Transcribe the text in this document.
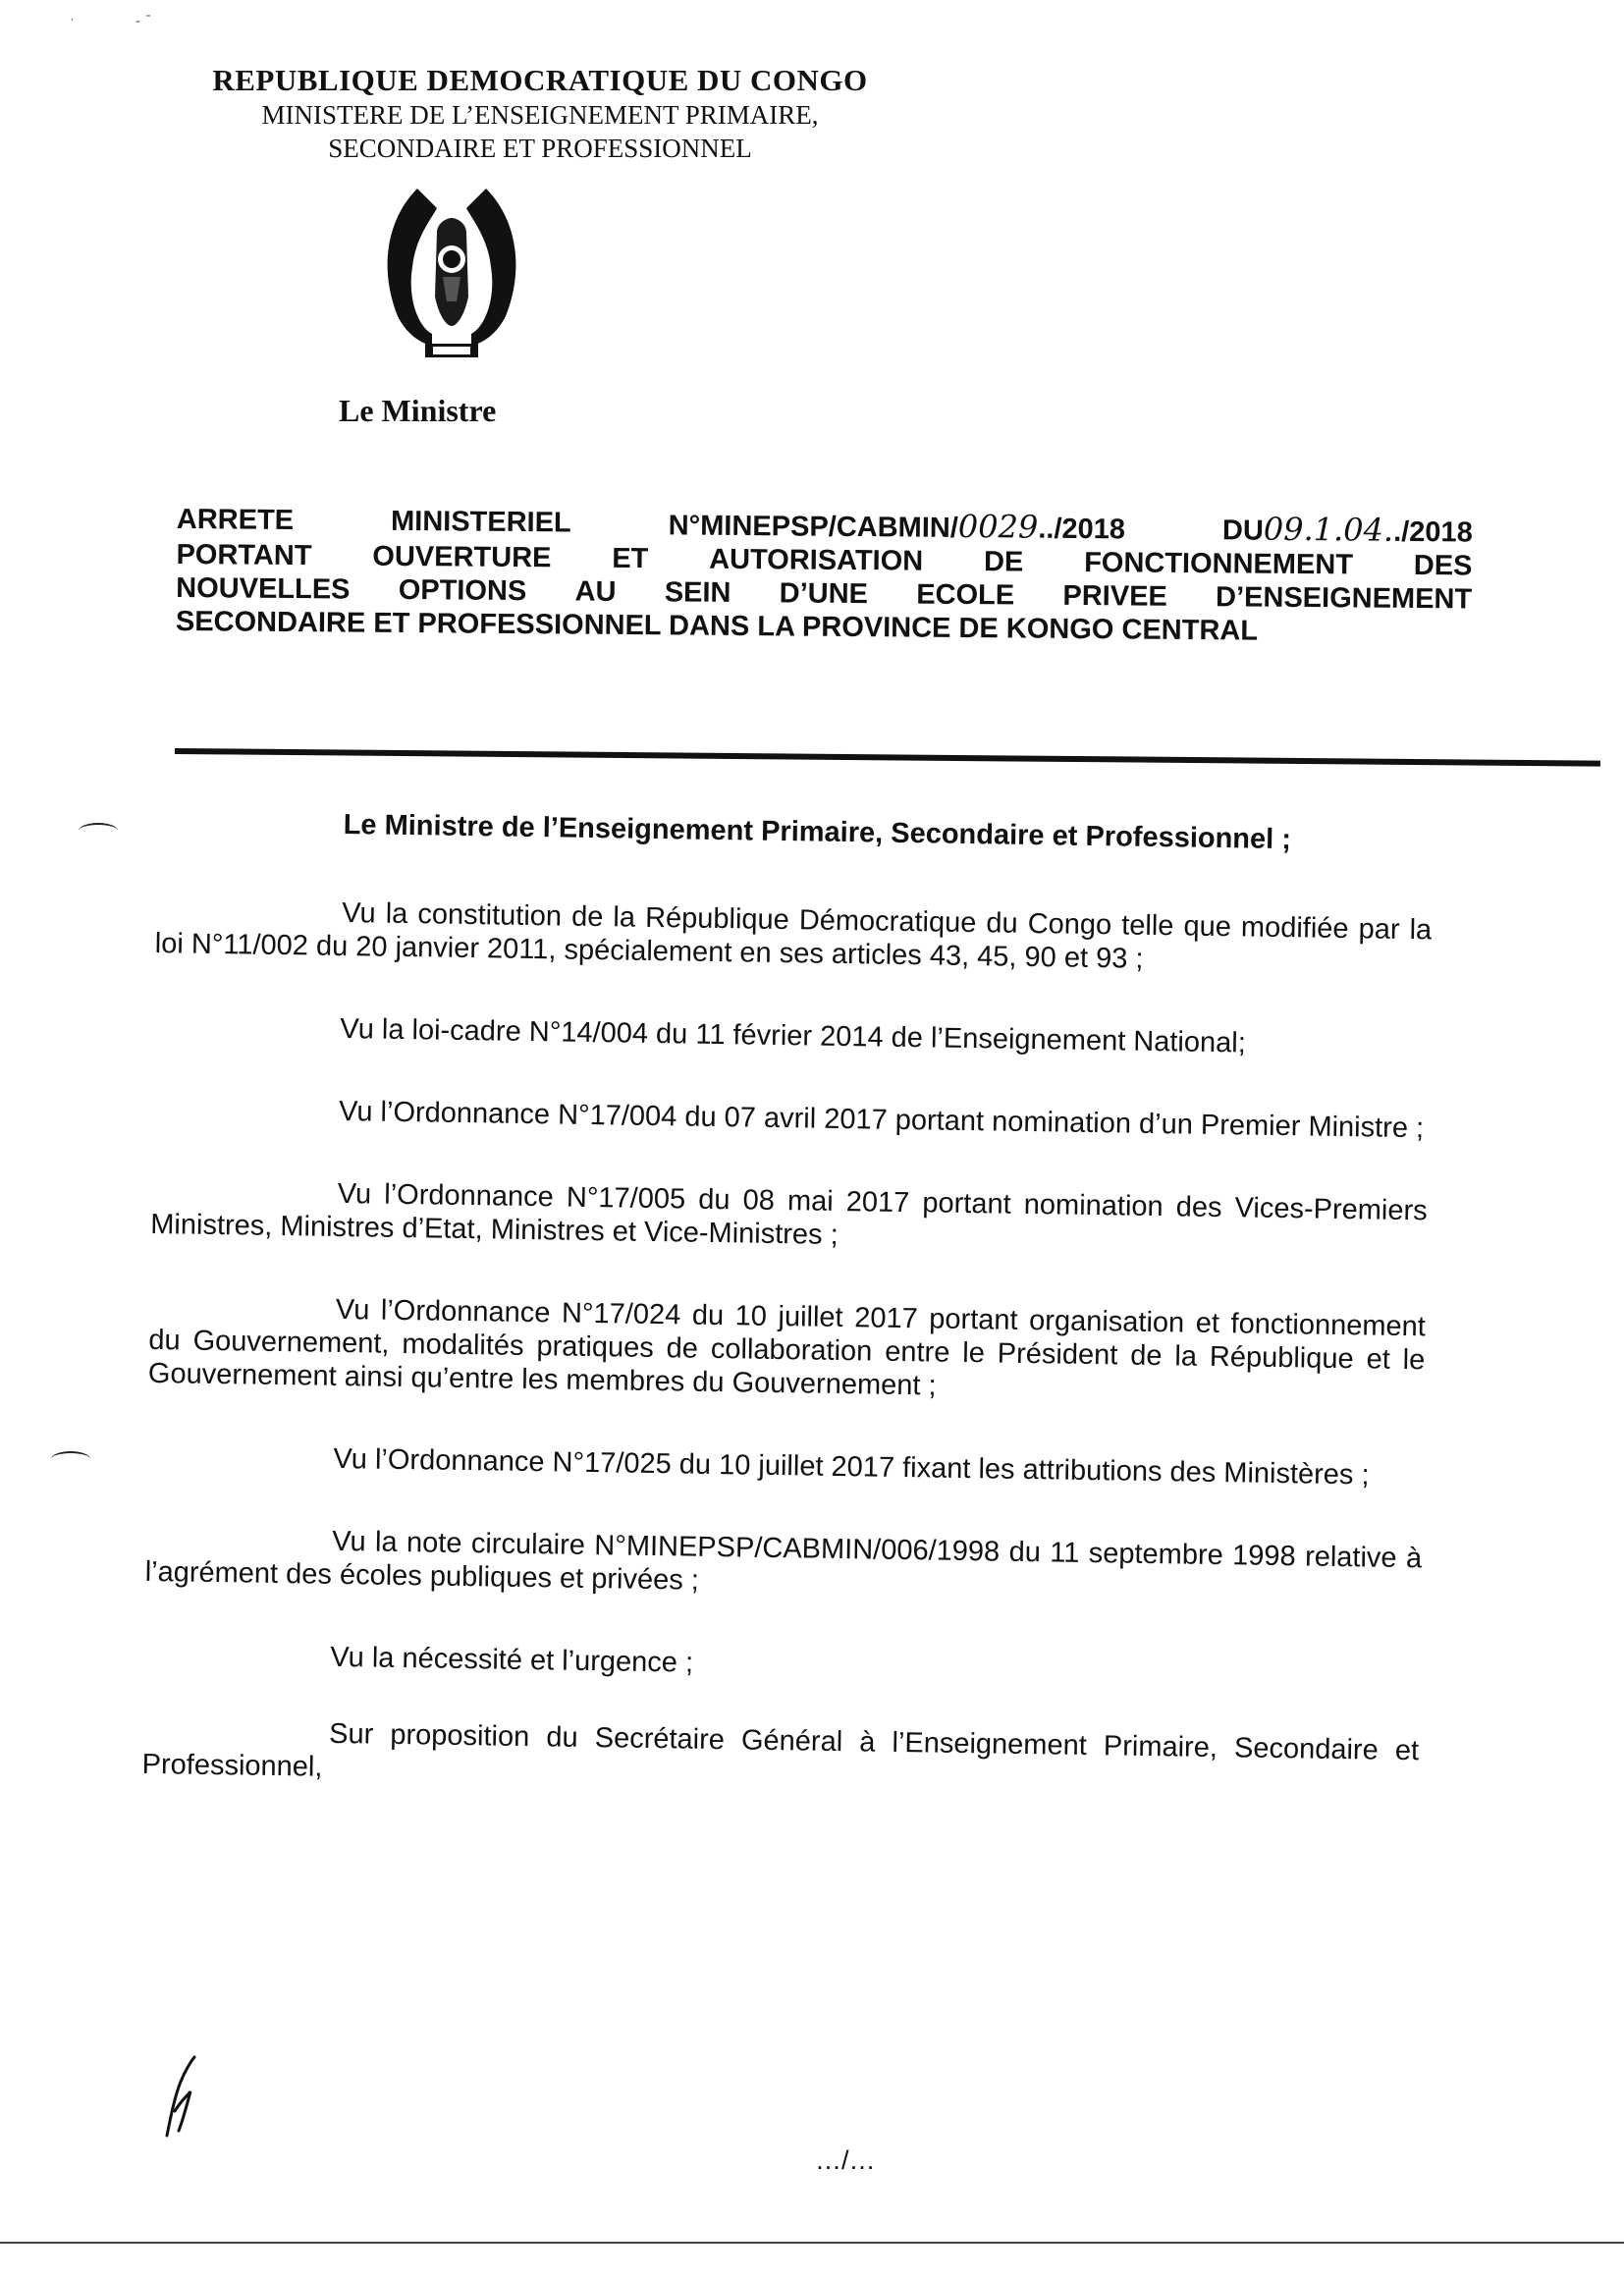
˙	- ˉ
REPUBLIQUE DEMOCRATIQUE DU CONGO
MINISTERE DE L’ENSEIGNEMENT PRIMAIRE,
SECONDAIRE ET PROFESSIONNEL
Le Ministre
ARRETE	MINISTERIEL	N°MINEPSP/CABMIN/0029../2018	DU09.1.04../2018
PORTANT OUVERTURE ET AUTORISATION DE FONCTIONNEMENT DES
NOUVELLES OPTIONS AU SEIN D’UNE ECOLE PRIVEE D’ENSEIGNEMENT
SECONDAIRE ET PROFESSIONNEL DANS LA PROVINCE DE KONGO CENTRAL

Le Ministre de l’Enseignement Primaire, Secondaire et Professionnel ;

Vu la constitution de la République Démocratique du Congo telle que modifiée par la loi N°11/002 du 20 janvier 2011, spécialement en ses articles 43, 45, 90 et 93 ;

Vu la loi-cadre N°14/004 du 11 février 2014 de l’Enseignement National;

Vu l’Ordonnance N°17/004 du 07 avril 2017 portant nomination d’un Premier Ministre ;

Vu l’Ordonnance N°17/005 du 08 mai 2017 portant nomination des Vices-Premiers Ministres, Ministres d’Etat, Ministres et Vice-Ministres ;

Vu l’Ordonnance N°17/024 du 10 juillet 2017 portant organisation et fonctionnement du Gouvernement, modalités pratiques de collaboration entre le Président de la République et le Gouvernement ainsi qu’entre les membres du Gouvernement ;

Vu l’Ordonnance N°17/025 du 10 juillet 2017 fixant les attributions des Ministères ;

Vu la note circulaire N°MINEPSP/CABMIN/006/1998 du 11 septembre 1998 relative à l’agrément des écoles publiques et privées ;

Vu la nécessité et l’urgence ;

Sur proposition du Secrétaire Général à l’Enseignement Primaire, Secondaire et Professionnel,

…/…
